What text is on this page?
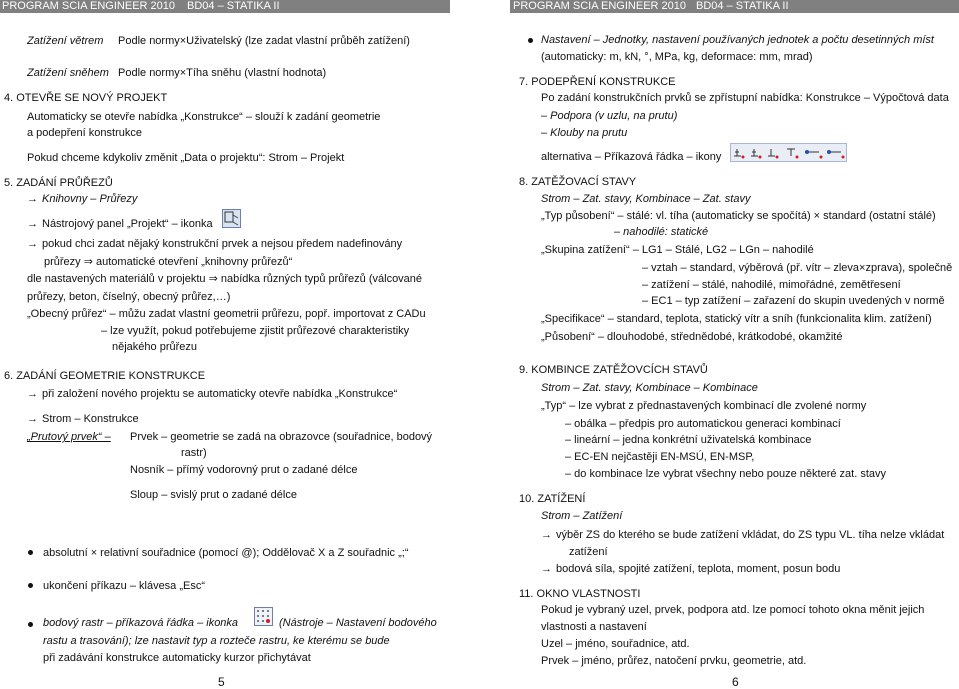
PROGRAM SCIA ENGINEER 2010 BD04 – STATIKA II	PROGRAM SCIA ENGINEER 2010 BD04 – STATIKA II
Zatížení větrem Podle normy×Uživatelský (lze zadat vlastní průběh zatížení)
Zatížení sněhem Podle normy×Tíha sněhu (vlastní hodnota)
4. OTEVŘE SE NOVÝ PROJEKT
Automaticky se otevře nabídka „Konstrukce“ – slouží k zadání geometrie
a podepření konstrukce
Pokud chceme kdykoliv změnit „Data o projektu“: Strom – Projekt
5. ZADÁNÍ PRŮŘEZŮ
→ Knihovny – Průřezy
→ Nástrojový panel „Projekt“ – ikonka
→ pokud chci zadat nějaký konstrukční prvek a nejsou předem nadefinovány
průřezy ⇒ automatické otevření „knihovny průřezů“
dle nastavených materiálů v projektu ⇒ nabídka různých typů průřezů (válcované
průřezy, beton, číselný, obecný průřez,…)
„Obecný průřez“ – můžu zadat vlastní geometrii průřezu, popř. importovat z CADu
– lze využít, pokud potřebujeme zjistit průřezové charakteristiky
nějakého průřezu
6. ZADÁNÍ GEOMETRIE KONSTRUKCE
→ při založení nového projektu se automaticky otevře nabídka „Konstrukce“
→ Strom – Konstrukce
„Prutový prvek“ – Prvek – geometrie se zadá na obrazovce (souřadnice, bodový
rastr)
Nosník – přímý vodorovný prut o zadané délce
Sloup – svislý prut o zadané délce
absolutní × relativní souřadnice (pomocí @); Oddělovač X a Z souřadnic „;“
ukončení příkazu – klávesa „Esc“
bodový rastr – příkazová řádka – ikonka	(Nástroje – Nastavení bodového
rastu a trasování); lze nastavit typ a rozteče rastru, ke kterému se bude
při zadávání konstrukce automaticky kurzor přichytávat
5
Nastavení – Jednotky, nastavení používaných jednotek a počtu desetinných míst
(automaticky: m, kN, °, MPa, kg, deformace: mm, mrad)
7. PODEPŘENÍ KONSTRUKCE
Po zadání konstrukčních prvků se zpřístupní nabídka: Konstrukce – Výpočtová data
– Podpora (v uzlu, na prutu)
– Klouby na prutu
alternativa – Příkazová řádka – ikony
8. ZATĚŽOVACÍ STAVY
Strom – Zat. stavy, Kombinace – Zat. stavy
„Typ působení“ – stálé: vl. tíha (automaticky se spočítá) × standard (ostatní stálé)
– nahodilé: statické
„Skupina zatížení“ – LG1 – Stálé, LG2 – LGn – nahodilé
– vztah – standard, výběrová (př. vítr – zleva×zprava), společně
– zatížení – stálé, nahodilé, mimořádné, zemětřesení
– EC1 – typ zatížení – zařazení do skupin uvedených v normě
„Specifikace“ – standard, teplota, statický vítr a sníh (funkcionalita klim. zatížení)
„Působení“ – dlouhodobé, střednědobé, krátkodobé, okamžité
9. KOMBINCE ZATĚŽOVCÍCH STAVŮ
Strom – Zat. stavy, Kombinace – Kombinace
„Typ“ – lze vybrat z přednastavených kombinací dle zvolené normy
– obálka – předpis pro automatickou generaci kombinací
– lineární – jedna konkrétní uživatelská kombinace
– EC-EN nejčastěji EN-MSÚ, EN-MSP,
– do kombinace lze vybrat všechny nebo pouze některé zat. stavy
10. ZATÍŽENÍ
Strom – Zatížení
→ výběr ZS do kterého se bude zatížení vkládat, do ZS typu VL. tíha nelze vkládat
zatížení
→ bodová síla, spojité zatížení, teplota, moment, posun bodu
11. OKNO VLASTNOSTI
Pokud je vybraný uzel, prvek, podpora atd. lze pomocí tohoto okna měnit jejich
vlastnosti a nastavení
Uzel – jméno, souřadnice, atd.
Prvek – jméno, průřez, natočení prvku, geometrie, atd.
6
